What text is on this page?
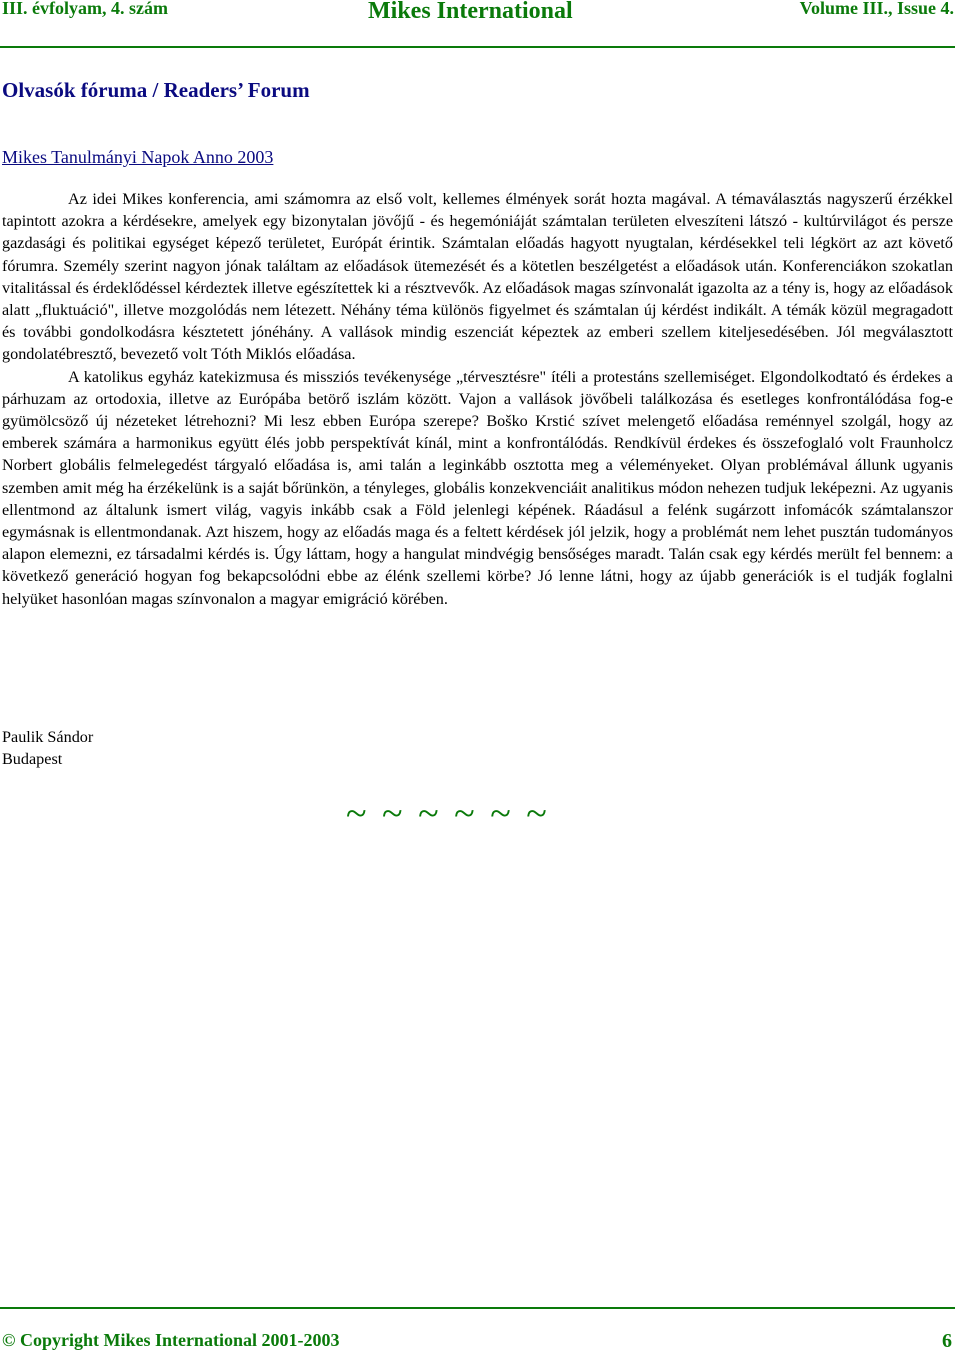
III. évfolyam, 4. szám	Mikes International	Volume III., Issue 4.
Olvasók fóruma / Readers’ Forum
Mikes Tanulmányi Napok Anno 2003

Az idei Mikes konferencia, ami számomra az első volt, kellemes élmények sorát hozta magával. A témaválasztás nagyszerű érzékkel tapintott azokra a kérdésekre, amelyek egy bizonytalan jövőjű - és hegemóniáját számtalan területen elveszíteni látszó - kultúrvilágot és persze gazdasági és politikai egységet képező területet, Európát érintik. Számtalan előadás hagyott nyugtalan, kérdésekkel teli légkört az azt követő fórumra. Személy szerint nagyon jónak találtam az előadások ütemezését és a kötetlen beszélgetést a előadások után. Konferenciákon szokatlan vitalitással és érdeklődéssel kérdeztek illetve egészítettek ki a résztvevők. Az előadások magas színvonalát igazolta az a tény is, hogy az előadások alatt „fluktuáció", illetve mozgolódás nem létezett. Néhány téma különös figyelmet és számtalan új kérdést indikált. A témák közül megragadott és további gondolkodásra késztetett jónéhány. A vallások mindig eszenciát képeztek az emberi szellem kiteljesedésében. Jól megválasztott gondolatébresztő, bevezető volt Tóth Miklós előadása.

A katolikus egyház katekizmusa és missziós tevékenysége „térvesztésre" ítéli a protestáns szellemiséget. Elgondolkodtató és érdekes a párhuzam az ortodoxia, illetve az Európába betörő iszlám között. Vajon a vallások jövőbeli találkozása és esetleges konfrontálódása fog-e gyümölcsöző új nézeteket létrehozni? Mi lesz ebben Európa szerepe? Boško Krstić szívet melengető előadása reménnyel szolgál, hogy az emberek számára a harmonikus együtt élés jobb perspektívát kínál, mint a konfrontálódás. Rendkívül érdekes és összefoglaló volt Fraunholcz Norbert globális felmelegedést tárgyaló előadása is, ami talán a leginkább osztotta meg a véleményeket. Olyan problémával állunk ugyanis szemben amit még ha érzékelünk is a saját bőrünkön, a tényleges, globális konzekvenciáit analitikus módon nehezen tudjuk leképezni. Az ugyanis ellentmond az általunk ismert világ, vagyis inkább csak a Föld jelenlegi képének. Ráadásul a felénk sugárzott infomácók számtalanszor egymásnak is ellentmondanak. Azt hiszem, hogy az előadás maga és a feltett kérdések jól jelzik, hogy a problémát nem lehet pusztán tudományos alapon elemezni, ez társadalmi kérdés is. Úgy láttam, hogy a hangulat mindvégig bensőséges maradt. Talán csak egy kérdés merült fel bennem: a következő generáció hogyan fog bekapcsolódni ebbe az élénk szellemi körbe? Jó lenne látni, hogy az újabb generációk is el tudják foglalni helyüket hasonlóan magas színvonalon a magyar emigráció körében.

Paulik Sándor
Budapest
~ ~ ~ ~ ~ ~
© Copyright Mikes International 2001-2003	6
